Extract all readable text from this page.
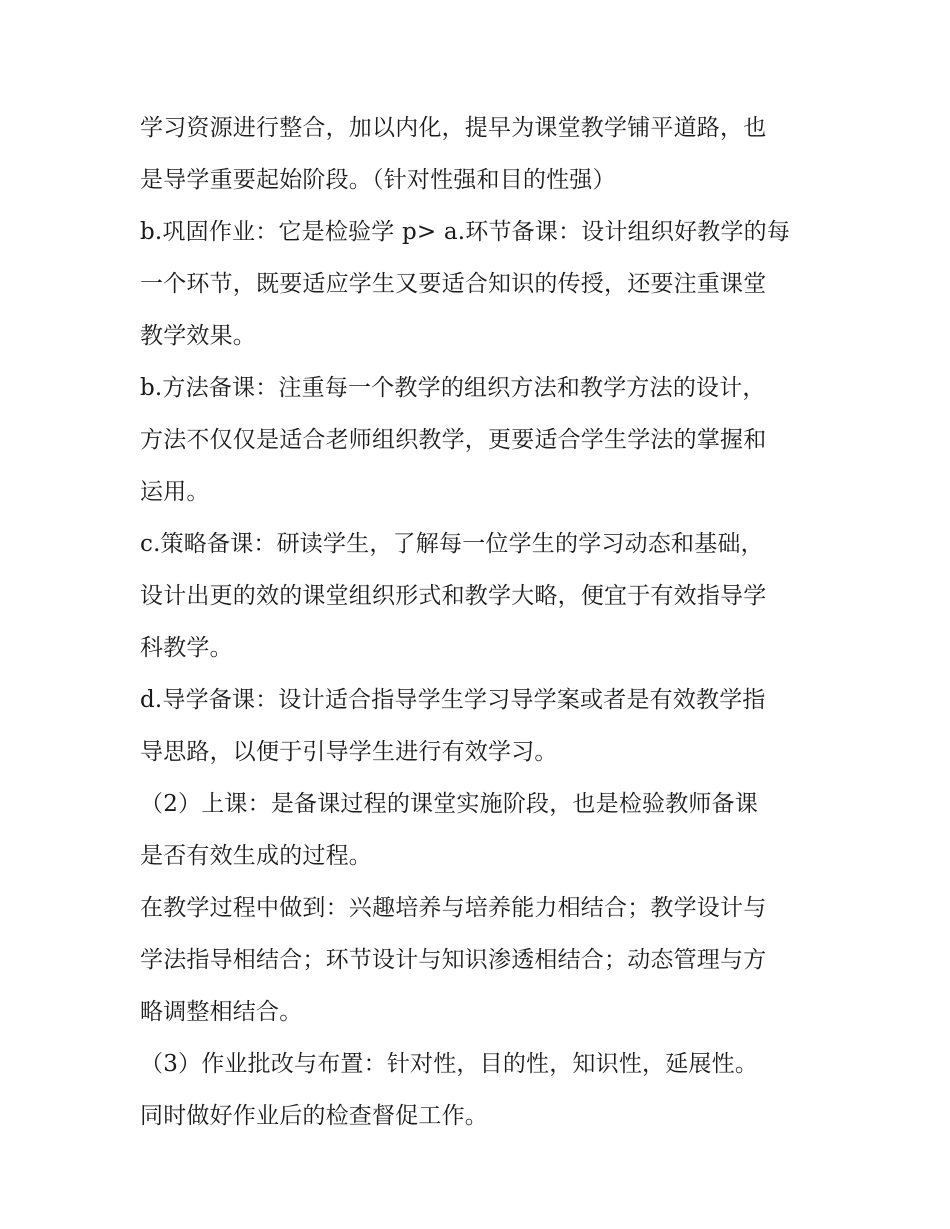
学习资源进行整合，加以内化，提早为课堂教学铺平道路，也
是导学重要起始阶段。（针对性强和目的性强）
b.巩固作业：它是检验学 p> a.环节备课：设计组织好教学的每
一个环节，既要适应学生又要适合知识的传授，还要注重课堂
教学效果。
b.方法备课：注重每一个教学的组织方法和教学方法的设计，
方法不仅仅是适合老师组织教学，更要适合学生学法的掌握和
运用。
c.策略备课：研读学生，了解每一位学生的学习动态和基础，
设计出更的效的课堂组织形式和教学大略，便宜于有效指导学
科教学。
d.导学备课：设计适合指导学生学习导学案或者是有效教学指
导思路，以便于引导学生进行有效学习。
（2）上课：是备课过程的课堂实施阶段，也是检验教师备课
是否有效生成的过程。
在教学过程中做到：兴趣培养与培养能力相结合；教学设计与
学法指导相结合；环节设计与知识渗透相结合；动态管理与方
略调整相结合。
（3）作业批改与布置：针对性，目的性，知识性，延展性。
同时做好作业后的检查督促工作。
